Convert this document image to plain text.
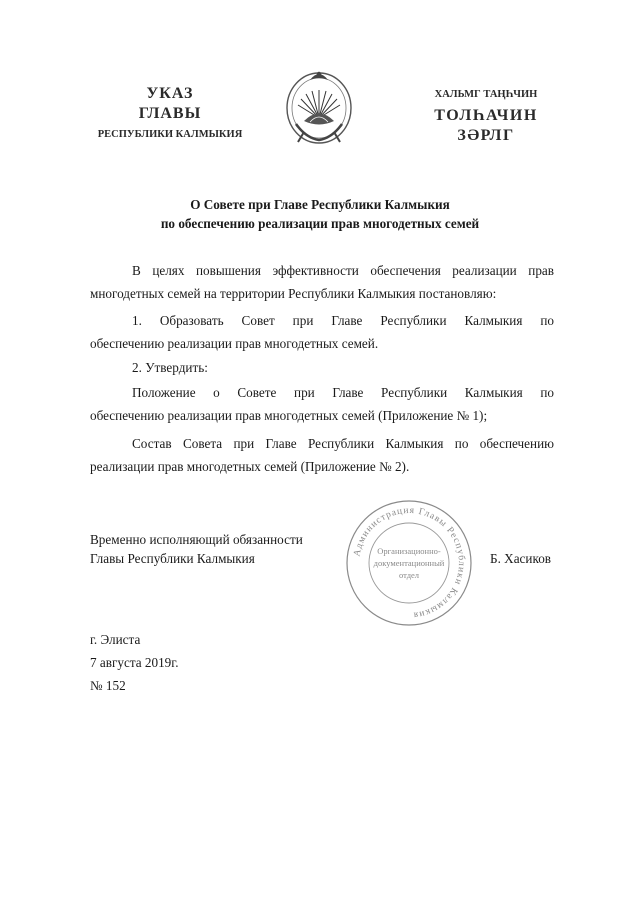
УКАЗ
ГЛАВЫ
РЕСПУБЛИКИ КАЛМЫКИЯ
ХАЛЬМГ ТАҢҺЧИН
ТОЛҺАЧИН
ЗӘРЛГ
О Совете при Главе Республики Калмыкия
по обеспечению реализации прав многодетных семей
В целях повышения эффективности обеспечения реализации прав
многодетных семей на территории Республики Калмыкия постановляю:
1. Образовать Совет при Главе Республики Калмыкия по
обеспечению реализации прав многодетных семей.
2. Утвердить:
Положение о Совете при Главе Республики Калмыкия по
обеспечению реализации прав многодетных семей (Приложение № 1);
Состав Совета при Главе Республики Калмыкия по обеспечению
реализации прав многодетных семей (Приложение № 2).
Временно исполняющий обязанности
Главы Республики Калмыкия	Администрация Главы Республики Калмыкия
Организационно-
документационный
отдел
Б. Хасиков
г. Элиста
7 августа 2019г.
№ 152
